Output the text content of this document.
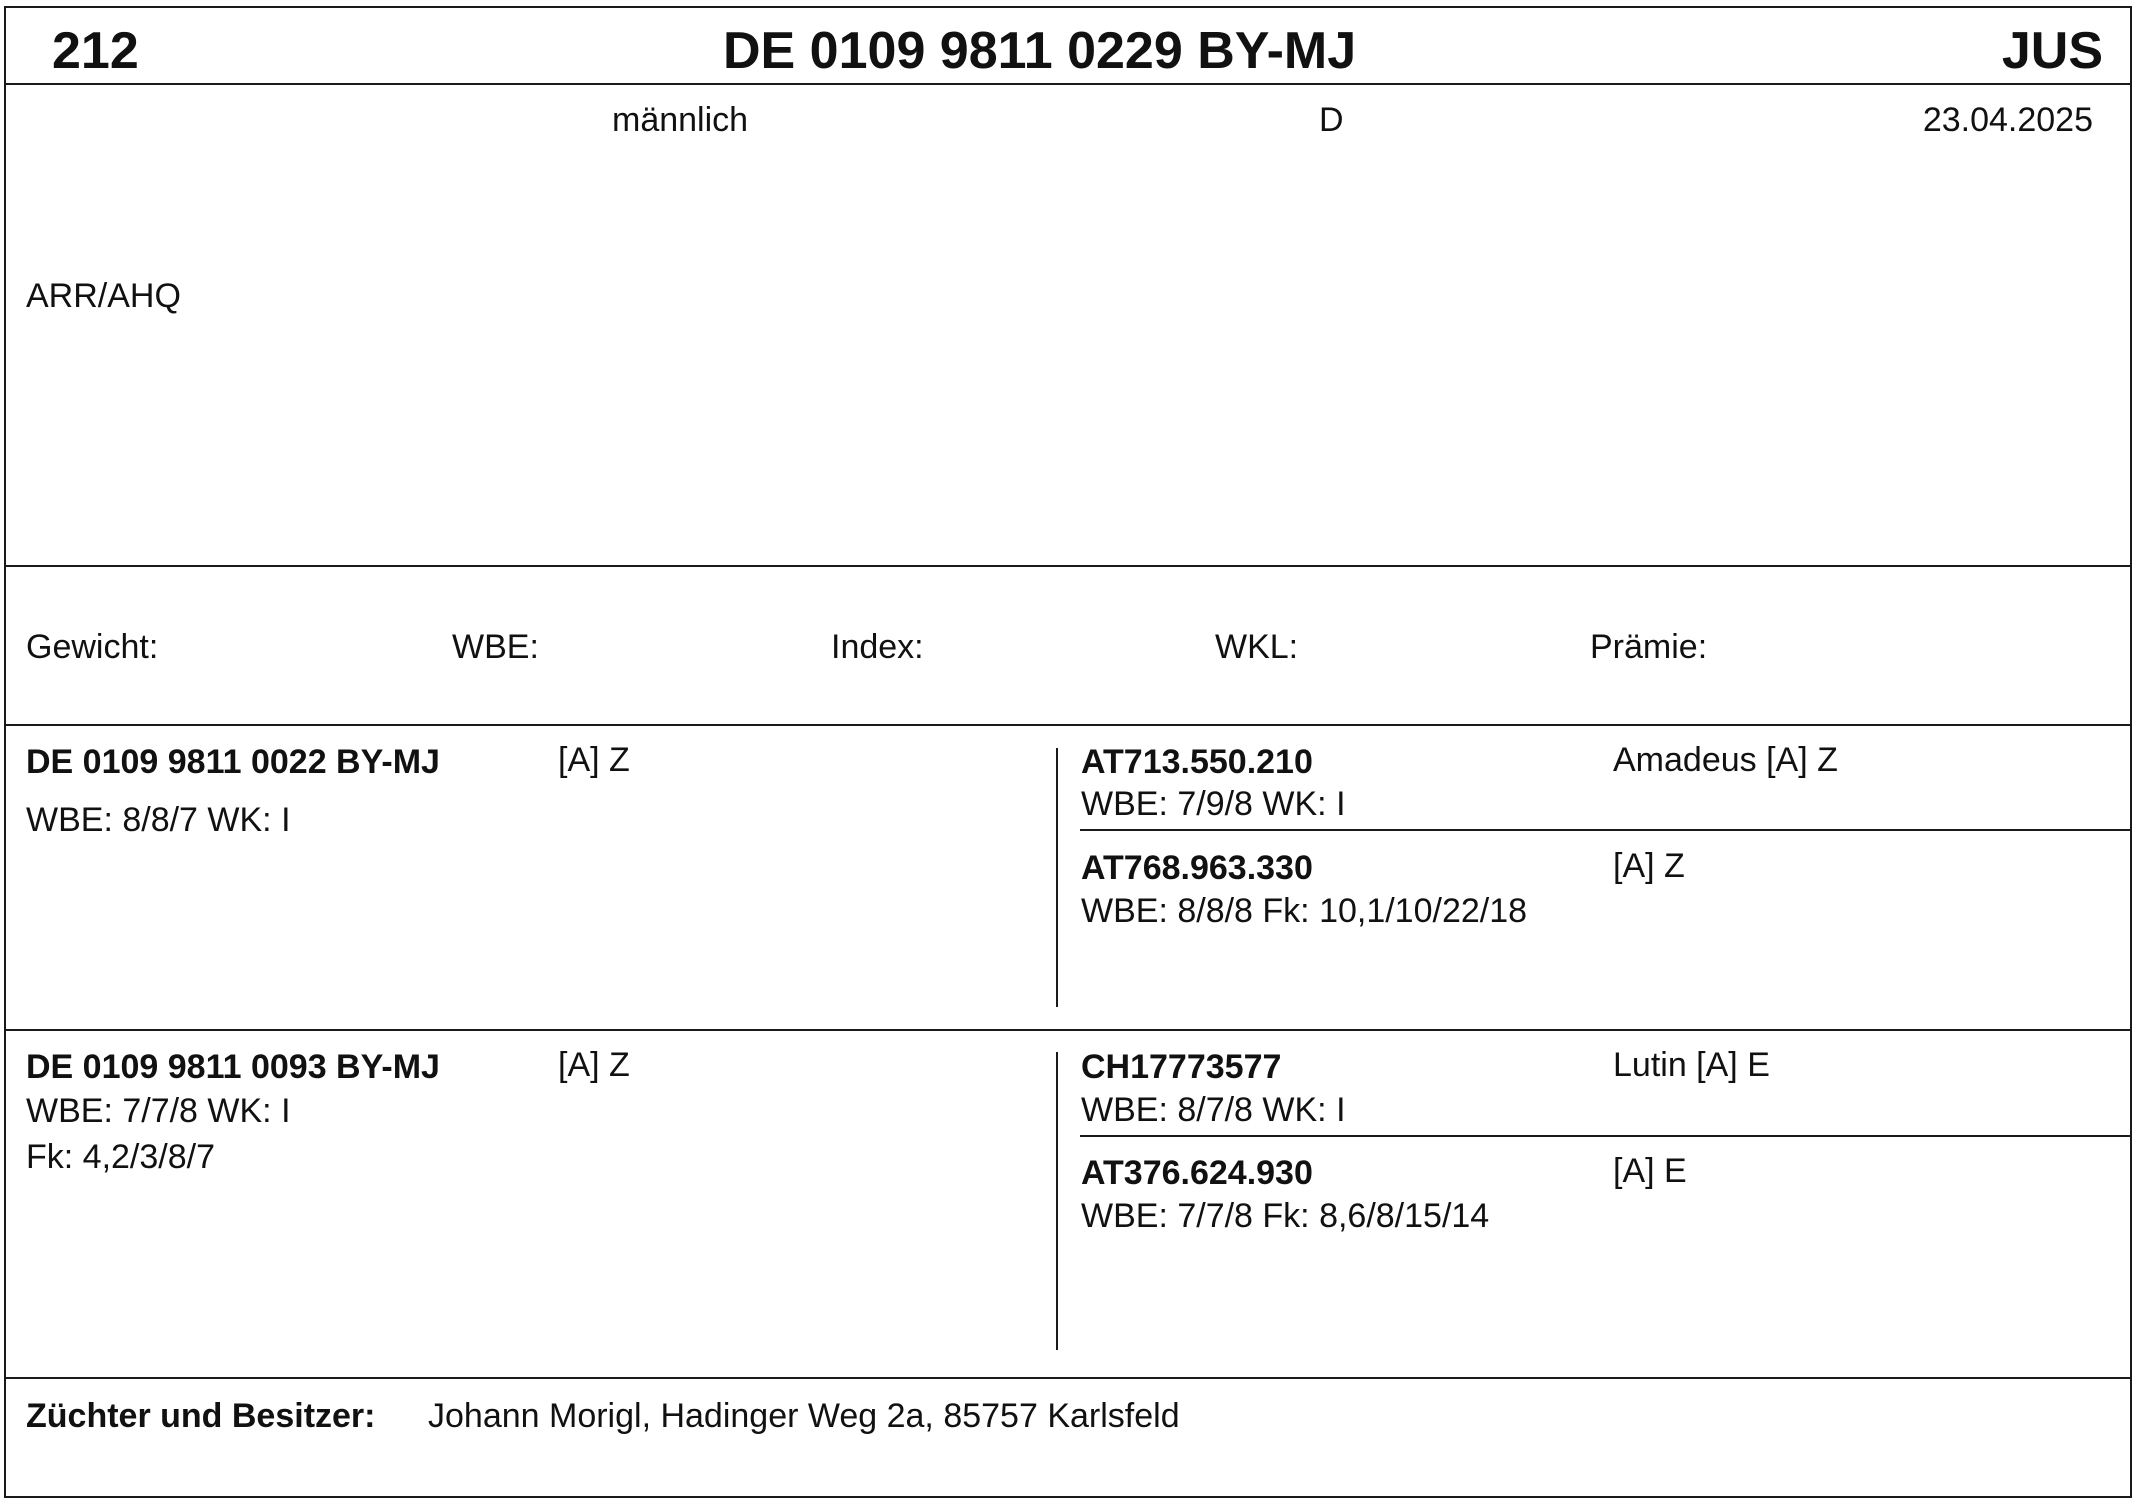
212	DE 0109 9811 0229 BY-MJ	JUS
männlich	D	23.04.2025
ARR/AHQ
Gewicht:	WBE:	Index:	WKL:	Prämie:
DE 0109 9811 0022 BY-MJ	[A] Z
WBE: 8/8/7 WK: I
AT713.550.210	Amadeus [A] Z
WBE: 7/9/8 WK: I
AT768.963.330	[A] Z
WBE: 8/8/8 Fk: 10,1/10/22/18
DE 0109 9811 0093 BY-MJ	[A] Z
WBE: 7/7/8 WK: I
Fk: 4,2/3/8/7
CH17773577	Lutin [A] E
WBE: 8/7/8 WK: I
AT376.624.930	[A] E
WBE: 7/7/8 Fk: 8,6/8/15/14
Züchter und Besitzer: Johann Morigl, Hadinger Weg 2a, 85757 Karlsfeld
